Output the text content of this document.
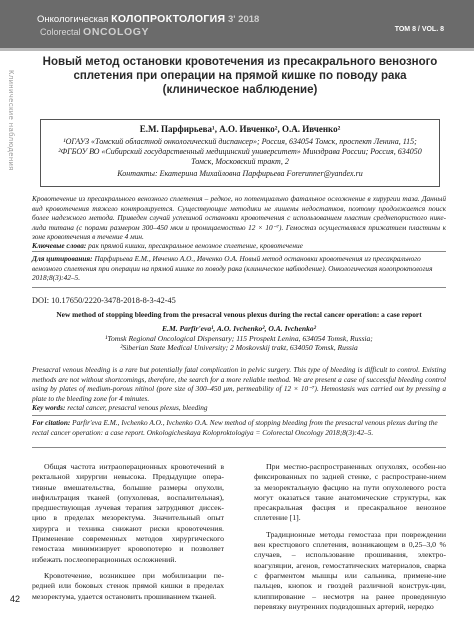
Онкологическая КОЛОПРОКТОЛОГИЯ 3' 2018
Colorectal ONCOLOGY	ТОМ 8 / VOL. 8
Клинические наблюдения
Новый метод остановки кровотечения из пресакрального венозного сплетения при операции на прямой кишке по поводу рака (клиническое наблюдение)
Е.М. Парфирьева¹, А.О. Ивченко², О.А. Ивченко²
¹ОГАУЗ «Томский областной онкологический диспансер»; Россия, 634054 Томск, проспект Ленина, 115;
²ФГБОУ ВО «Сибирский государственный медицинский университет» Минздрава России; Россия, 634050 Томск, Московский тракт, 2
Контакты: Екатерина Михайловна Парфирьева Forerunner@yandex.ru
Кровотечение из пресакрального венозного сплетения – редкое, но потенциально фатальное осложнение в хирургии таза. Данный вид кровотечения тяжело контролируется. Существующие методики не лишены недостатков, поэтому продолжается поиск более надежного метода. Приведен случай успешной остановки кровотечения с использованием пластин среднепористого нике-лида титана (с порами размером 300–450 мкм и проницаемостью 12 × 10⁻⁷). Гемостаз осуществлялся прижатием пластины к зоне кровотечения в течение 4 мин.
Ключевые слова: рак прямой кишки, пресакральное венозное сплетение, кровотечение
Для цитирования: Парфирьева Е.М., Ивченко А.О., Ивченко О.А. Новый метод остановки кровотечения из пресакрального венозного сплетения при операции на прямой кишке по поводу рака (клиническое наблюдение). Онкологическая колопроктология 2018;8(3):42–5.
DOI: 10.17650/2220-3478-2018-8-3-42-45
New method of stopping bleeding from the presacral venous plexus during the rectal cancer operation: a case report
E.M. Parfir'eva¹, A.O. Ivchenko², O.A. Ivchenko²
¹Tomsk Regional Oncological Dispensary; 115 Prospekt Lenina, 634054 Tomsk, Russia;
²Siberian State Medical University; 2 Moskovskij trakt, 634050 Tomsk, Russia
Presacral venous bleeding is a rare but potentially fatal complication in pelvic surgery. This type of bleeding is difficult to control. Existing methods are not without shortcomings, therefore, the search for a more reliable method. We are present a case of successful bleeding control using by plates of medium-porous nitinol (pore size of 300–450 μm, permeability of 12 × 10⁻⁷). Hemostasis was carried out by pressing a plate to the bleeding zone for 4 minutes.
Key words: rectal cancer, presacral venous plexus, bleeding
For citation: Parfir'eva E.M., Ivchenko A.O., Ivchenko O.A. New method of stopping bleeding from the presacral venous plexus during the rectal cancer operation: a case report. Onkologicheskaya Koloproktologiya = Colorectal Oncology 2018;8(3):42–5.

Общая частота интраоперационных кровотечений в ректальной хирургии невысока. Предыдущие опера-тивные вмешательства, большие размеры опухоли, инфильтрация тканей (опухолевая, воспалительная), предшествующая лучевая терапия затрудняют диссек-цию в пределах мезоректума. Значительный опыт хирурга и техника снижают риски кровотечения. Применение современных методов хирургического гемостаза минимизирует кровопотерю и позволяет избежать послеоперационных осложнений.

Кровотечение, возникшее при мобилизации пе-редней или боковых стенок прямой кишки в пределах мезоректума, удается остановить прошиванием тканей.

При местно-распространенных опухолях, особен-но фиксированных по задней стенке, с распростране-нием за мезоректальную фасцию на пути опухолевого роста могут оказаться такие анатомические структуры, как пресакральная фасция и пресакральное венозное сплетение [1].

Традиционные методы гемостаза при повреждении вен крестцового сплетения, возникающем в 0,25–3,0 % случаев, – использование прошивания, электро-коагуляции, агенов, гемостатических материалов, сварка с фрагментом мышцы или сальника, примене-ние пальцев, кнопок и гвоздей различной конструк-ции, клиппирование – несмотря на ранее проведенную перевязку внутренних подвздошных артерий, нередко

42
